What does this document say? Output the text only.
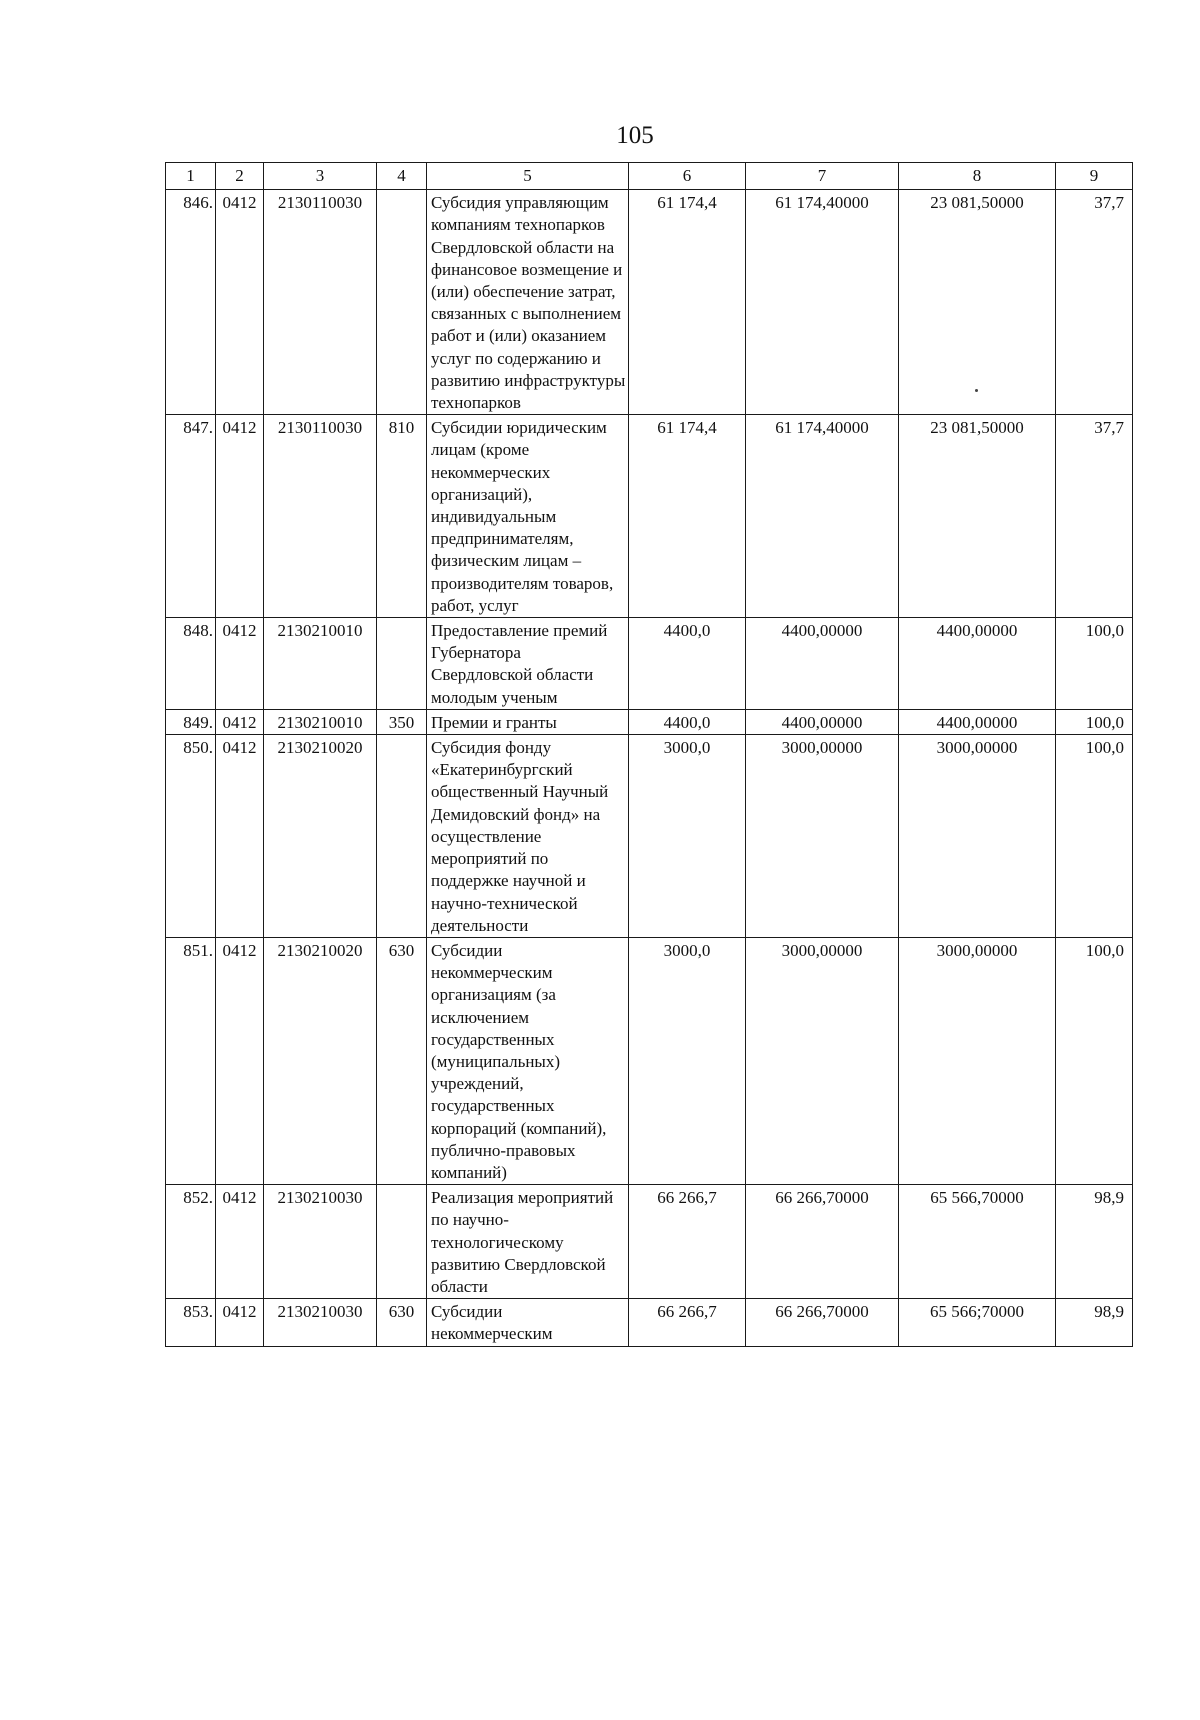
105
1	2	3	4	5	6	7	8	9
846.	0412	2130110030		Субсидия управляющим компаниям технопарков Свердловской области на финансовое возмещение и (или) обеспечение затрат, связанных с выполнением работ и (или) оказанием услуг по содержанию и развитию инфраструктуры технопарков	61 174,4	61 174,40000	23 081,50000	37,7
847.	0412	2130110030	810	Субсидии юридическим лицам (кроме некоммерческих организаций), индивидуальным предпринимателям, физическим лицам – производителям товаров, работ, услуг	61 174,4	61 174,40000	23 081,50000	37,7
848.	0412	2130210010		Предоставление премий Губернатора Свердловской области молодым ученым	4400,0	4400,00000	4400,00000	100,0
849.	0412	2130210010	350	Премии и гранты	4400,0	4400,00000	4400,00000	100,0
850.	0412	2130210020		Субсидия фонду «Екатеринбургский общественный Научный Демидовский фонд» на осуществление мероприятий по поддержке научной и научно-технической деятельности	3000,0	3000,00000	3000,00000	100,0
851.	0412	2130210020	630	Субсидии некоммерческим организациям (за исключением государственных (муниципальных) учреждений, государственных корпораций (компаний), публично-правовых компаний)	3000,0	3000,00000	3000,00000	100,0
852.	0412	2130210030		Реализация мероприятий по научно-технологическому развитию Свердловской области	66 266,7	66 266,70000	65 566,70000	98,9
853.	0412	2130210030	630	Субсидии некоммерческим	66 266,7	66 266,70000	65 566;70000	98,9
